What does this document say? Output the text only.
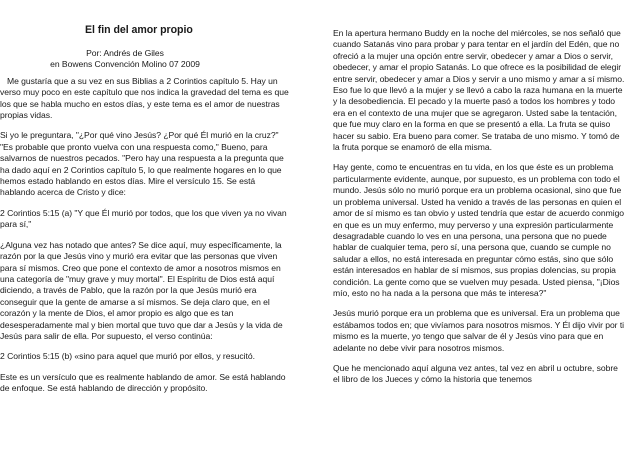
El fin del amor propio

Por: Andrés de Giles

en Bowens Convención Molino 07 2009

Me gustaría que a su vez en sus Biblias a 2 Corintios capítulo 5. Hay un verso muy poco en este capítulo que nos indica la gravedad del tema es que los que se habla mucho en estos días, y este tema es el amor de nuestras propias vidas.

Si yo le preguntara, "¿Por qué vino Jesús? ¿Por qué Él murió en la cruz?" "Es probable que pronto vuelva con una respuesta como," Bueno, para salvarnos de nuestros pecados. "Pero hay una respuesta a la pregunta que ha dado aquí en 2 Corintios capítulo 5, lo que realmente hogares en lo que hemos estado hablando en estos días. Mire el versículo 15. Se está hablando acerca de Cristo y dice:

2 Corintios 5:15 (a) "Y que Él murió por todos, que los que viven ya no vivan para sí,"

¿Alguna vez has notado que antes? Se dice aquí, muy específicamente, la razón por la que Jesús vino y murió era evitar que las personas que viven para sí mismos. Creo que pone el contexto de amor a nosotros mismos en una categoría de "muy grave y muy mortal". El Espíritu de Dios está aquí diciendo, a través de Pablo, que la razón por la que Jesús murió era conseguir que la gente de amarse a sí mismos. Se deja claro que, en el corazón y la mente de Dios, el amor propio es algo que es tan desesperadamente mal y bien mortal que tuvo que dar a Jesús y la vida de Jesús para salir de ella. Por supuesto, el verso continúa:

2 Corintios 5:15 (b) «sino para aquel que murió por ellos, y resucitó.

Este es un versículo que es realmente hablando de amor. Se está hablando de enfoque. Se está hablando de dirección y propósito.

En la apertura hermano Buddy en la noche del miércoles, se nos señaló que cuando Satanás vino para probar y para tentar en el jardín del Edén, que no ofreció a la mujer una opción entre servir, obedecer y amar a Dios o servir, obedecer, y amar el propio Satanás. Lo que ofrece es la posibilidad de elegir entre servir, obedecer y amar a Dios y servir a uno mismo y amar a sí mismo. Eso fue lo que llevó a la mujer y se llevó a cabo la raza humana en la muerte y la desobediencia. El pecado y la muerte pasó a todos los hombres y todo era en el contexto de una mujer que se agregaron. Usted sabe la tentación, que fue muy claro en la forma en que se presentó a ella. La fruta se quiso hacer su sabio. Era bueno para comer. Se trataba de uno mismo. Y tomó de la fruta porque se enamoró de ella misma.

Hay gente, como te encuentras en tu vida, en los que éste es un problema particularmente evidente, aunque, por supuesto, es un problema con todo el mundo. Jesús sólo no murió porque era un problema ocasional, sino que fue un problema universal. Usted ha venido a través de las personas en quien el amor de sí mismo es tan obvio y usted tendría que estar de acuerdo conmigo en que es un muy enfermo, muy perverso y una expresión particularmente desagradable cuando lo ves en una persona, una persona que no puede hablar de cualquier tema, pero sí, una persona que, cuando se cumple no saludar a ellos, no está interesada en preguntar cómo estás, sino que sólo están interesados en hablar de sí mismos, sus propias dolencias, su propia condición. La gente como que se vuelven muy pesada. Usted piensa, "¡Dios mío, esto no ha nada a la persona que más te interesa?"

Jesús murió porque era un problema que es universal. Era un problema que estábamos todos en; que vivíamos para nosotros mismos. Y Él dijo vivir por ti mismo es la muerte, yo tengo que salvar de él y Jesús vino para que en adelante no debe vivir para nosotros mismos.

Que he mencionado aquí alguna vez antes, tal vez en abril u octubre, sobre el libro de los Jueces y cómo la historia que tenemos
